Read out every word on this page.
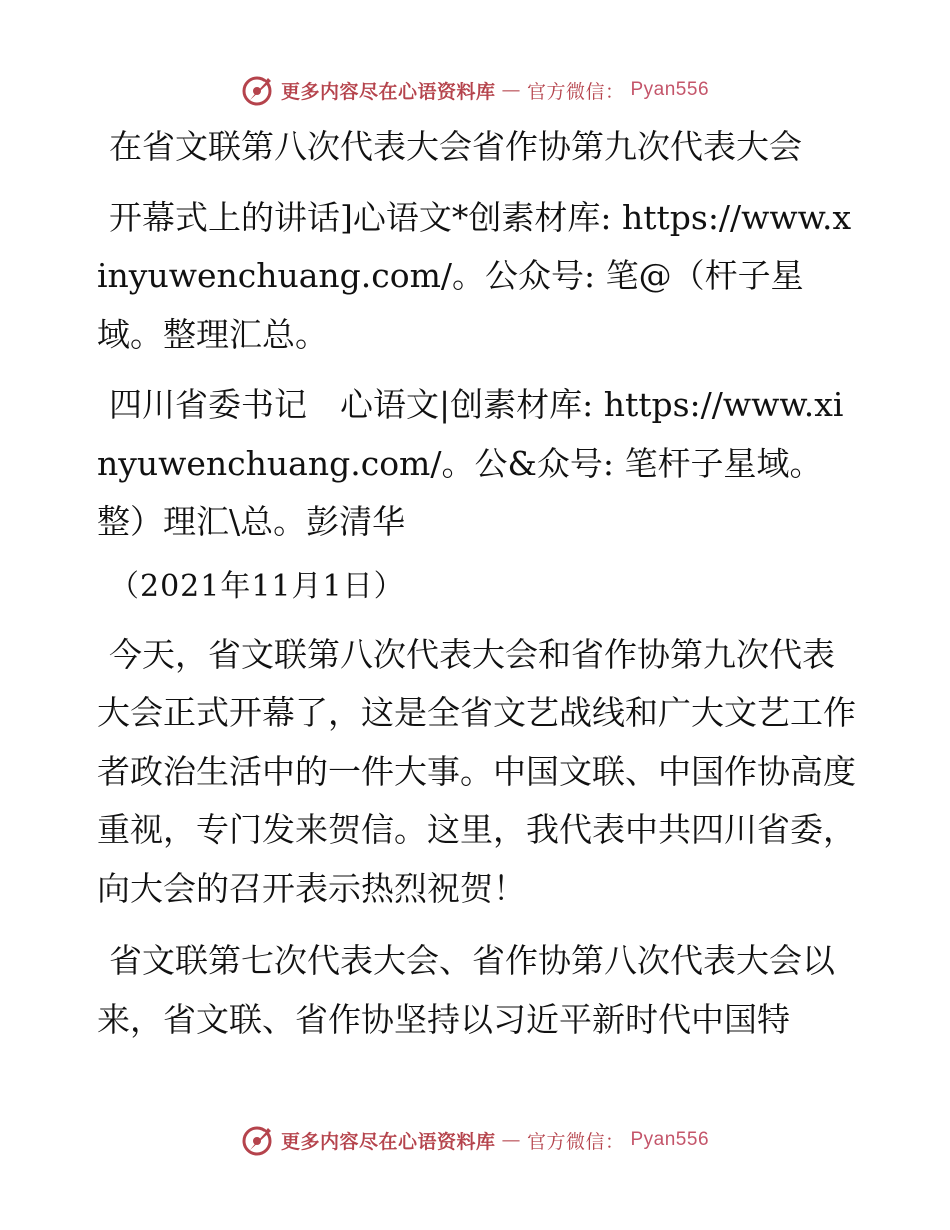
更多内容尽在心语资料库 — 官方微信： Pyan556

在省文联第八次代表大会省作协第九次代表大会

开幕式上的讲话]心语文*创素材库: https://www.xinyuwenchuang.com/。公众号: 笔@（杆子星域。整理汇总。

四川省委书记　心语文|创素材库: https://www.xinyuwenchuang.com/。公&众号: 笔杆子星域。整）理汇\总。彭清华

（2021年11月1日）

今天，省文联第八次代表大会和省作协第九次代表大会正式开幕了，这是全省文艺战线和广大文艺工作者政治生活中的一件大事。中国文联、中国作协高度重视，专门发来贺信。这里，我代表中共四川省委，向大会的召开表示热烈祝贺！

省文联第七次代表大会、省作协第八次代表大会以来，省文联、省作协坚持以习近平新时代中国特

更多内容尽在心语资料库 — 官方微信： Pyan556
